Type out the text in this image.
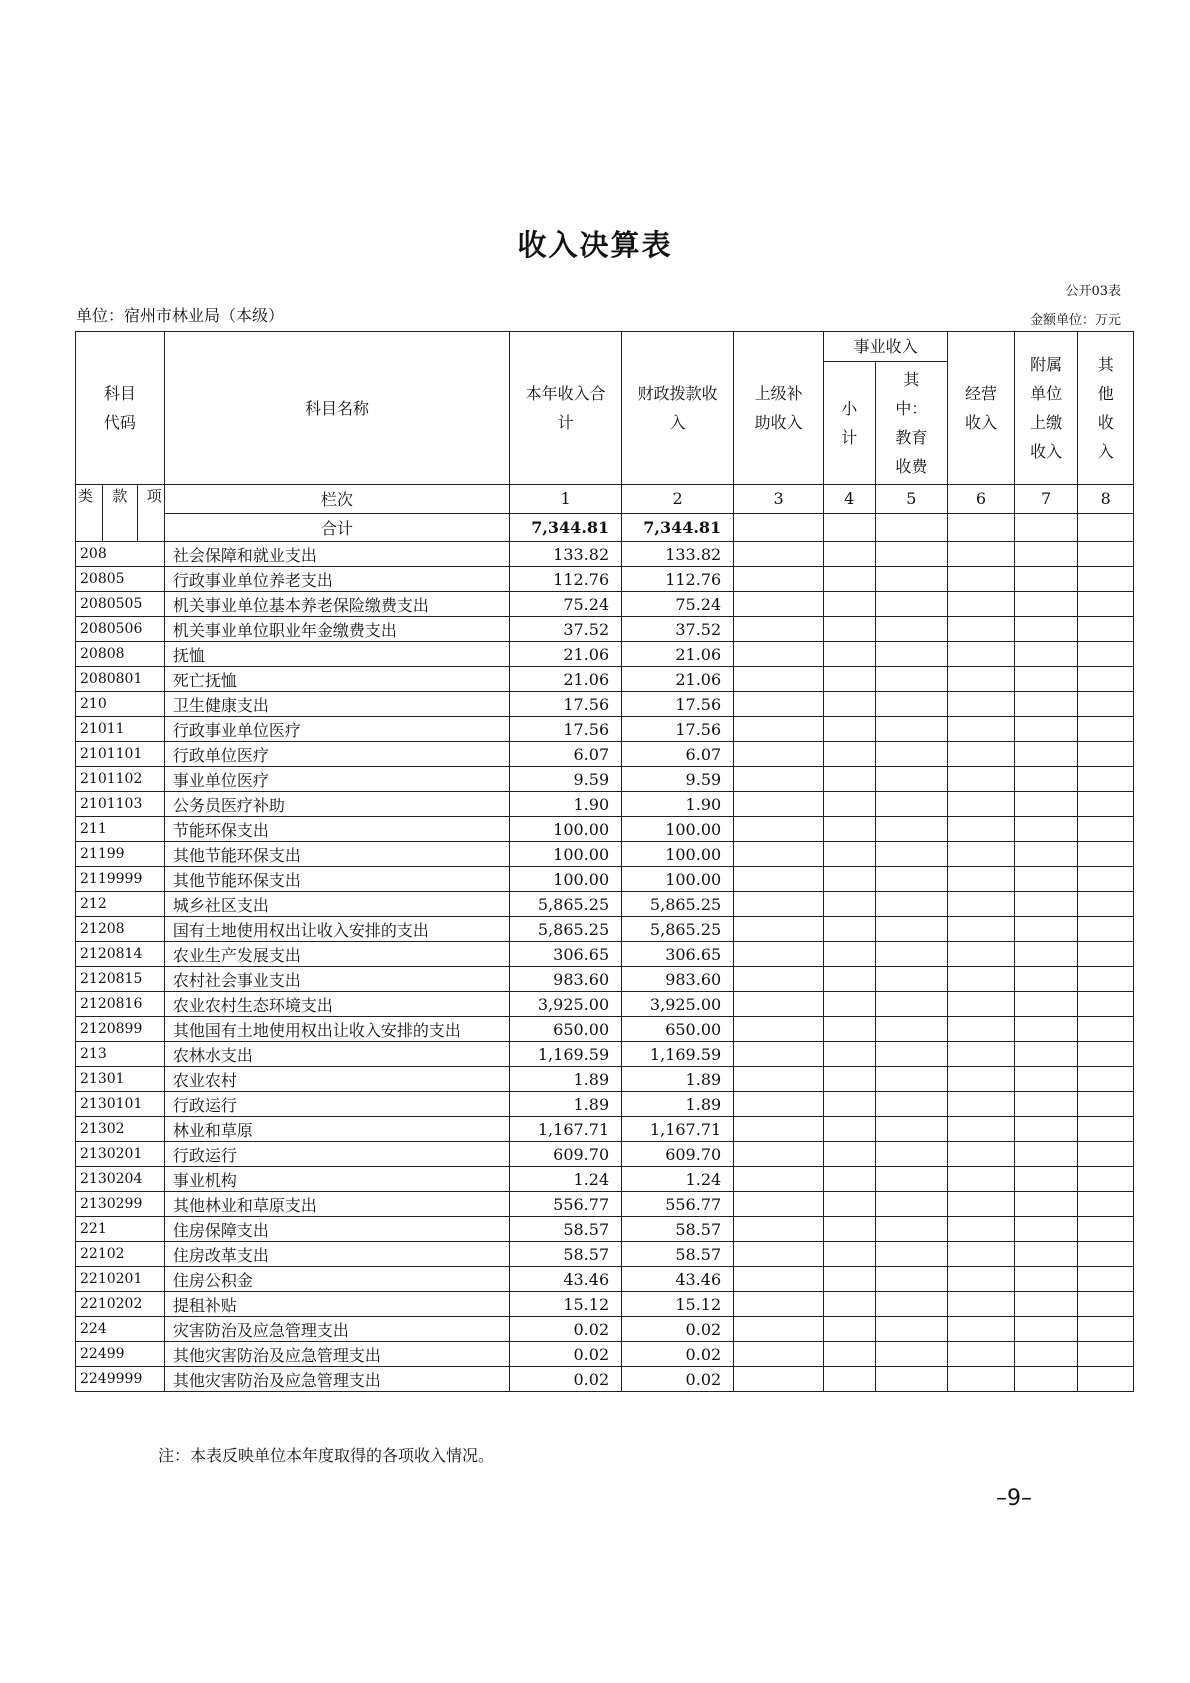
收入决算表
公开03表
单位：宿州市林业局（本级）	金额单位：万元
科目代码	科目名称	本年收入合计	财政拨款收入	上级补助收入	事业收入		经营收入	附属单位上缴收入	其他收入

					小计	其中：教育收费			

类 款 项	栏次	1	2	3	4	5	6	7	8
	合计	7,344.81	7,344.81						
208	社会保障和就业支出	133.82	133.82						
20805	行政事业单位养老支出	112.76	112.76						
2080505	机关事业单位基本养老保险缴费支出	75.24	75.24						
2080506	机关事业单位职业年金缴费支出	37.52	37.52						
20808	抚恤	21.06	21.06						
2080801	死亡抚恤	21.06	21.06						
210	卫生健康支出	17.56	17.56						
21011	行政事业单位医疗	17.56	17.56						
2101101	行政单位医疗	6.07	6.07						
2101102	事业单位医疗	9.59	9.59						
2101103	公务员医疗补助	1.90	1.90						
211	节能环保支出	100.00	100.00						
21199	其他节能环保支出	100.00	100.00						
2119999	其他节能环保支出	100.00	100.00						
212	城乡社区支出	5,865.25	5,865.25						
21208	国有土地使用权出让收入安排的支出	5,865.25	5,865.25						
2120814	农业生产发展支出	306.65	306.65						
2120815	农村社会事业支出	983.60	983.60						
2120816	农业农村生态环境支出	3,925.00	3,925.00						
2120899	其他国有土地使用权出让收入安排的支出	650.00	650.00						
213	农林水支出	1,169.59	1,169.59						
21301	农业农村	1.89	1.89						
2130101	行政运行	1.89	1.89						
21302	林业和草原	1,167.71	1,167.71						
2130201	行政运行	609.70	609.70						
2130204	事业机构	1.24	1.24						
2130299	其他林业和草原支出	556.77	556.77						
221	住房保障支出	58.57	58.57						
22102	住房改革支出	58.57	58.57						
2210201	住房公积金	43.46	43.46						
2210202	提租补贴	15.12	15.12						
224	灾害防治及应急管理支出	0.02	0.02						
22499	其他灾害防治及应急管理支出	0.02	0.02						
2249999	其他灾害防治及应急管理支出	0.02	0.02						
注：本表反映单位本年度取得的各项收入情况。
–9–
